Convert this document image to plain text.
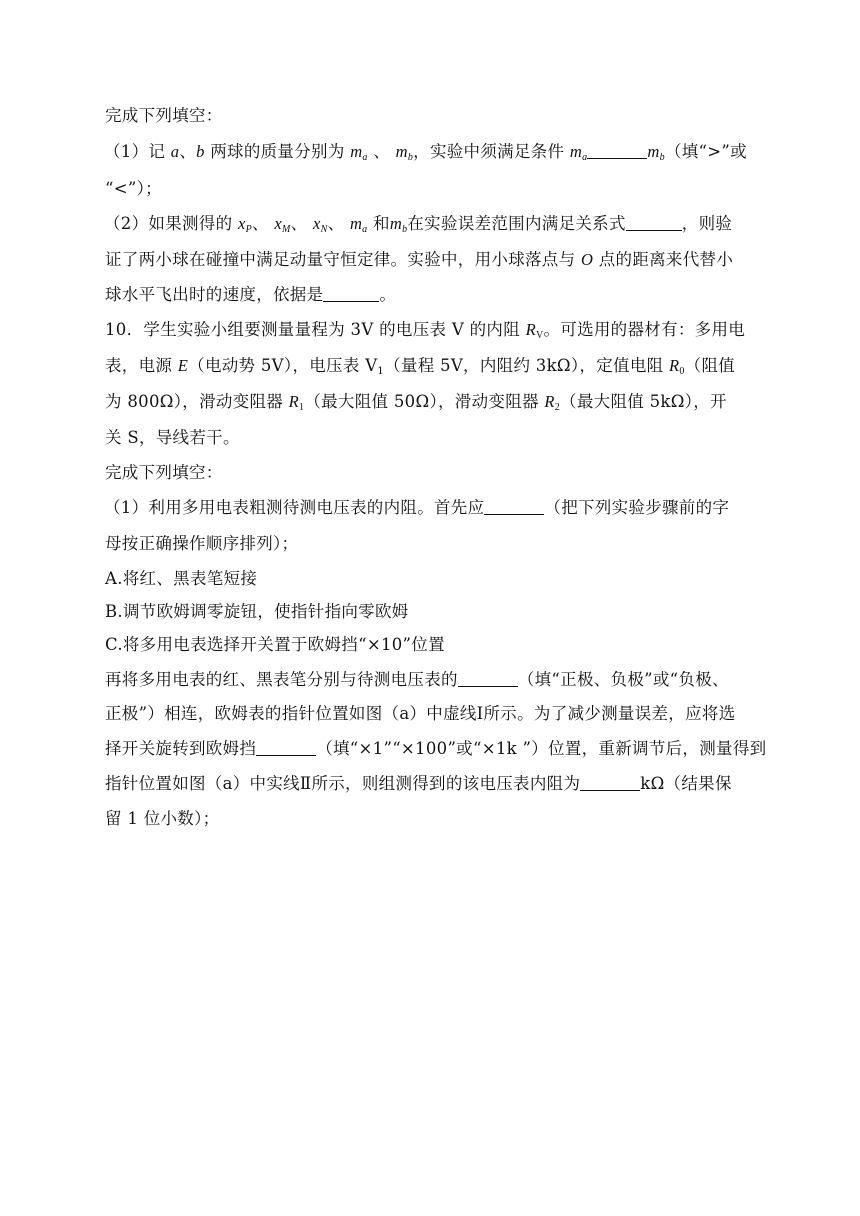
完成下列填空：
（1）记 a、b 两球的质量分别为 $m_a$ 、 $m_b$，实验中须满足条件 $m_a$	$m_b$（填“>”或
“<”）；
（2）如果测得的 $x_P$、 $x_M$、 $x_N$、 $m_a$ 和$m_b$在实验误差范围内满足关系式	，则验
证了两小球在碰撞中满足动量守恒定律。实验中，用小球落点与 O 点的距离来代替小
球水平飞出时的速度，依据是	。
10．学生实验小组要测量量程为 3V 的电压表 V 的内阻 $R_V$。可选用的器材有：多用电
表，电源 E（电动势 5V），电压表 $V_1$（量程 5V，内阻约 3kΩ），定值电阻 $R_0$（阻值
为 800Ω），滑动变阻器 $R_1$（最大阻值 50Ω），滑动变阻器 $R_2$（最大阻值 5kΩ），开
关 S，导线若干。
完成下列填空：
（1）利用多用电表粗测待测电压表的内阻。首先应	（把下列实验步骤前的字
母按正确操作顺序排列）；
A.将红、黑表笔短接
B.调节欧姆调零旋钮，使指针指向零欧姆
C.将多用电表选择开关置于欧姆挡“×10”位置
再将多用电表的红、黑表笔分别与待测电压表的	（填“正极、负极”或“负极、
正极”）相连，欧姆表的指针位置如图（a）中虚线Ⅰ所示。为了减少测量误差，应将选
择开关旋转到欧姆挡	（填“×1”“×100”或“×1k ”）位置，重新调节后，测量得到
指针位置如图（a）中实线Ⅱ所示，则组测得到的该电压表内阻为	kΩ（结果保
留 1 位小数）；
